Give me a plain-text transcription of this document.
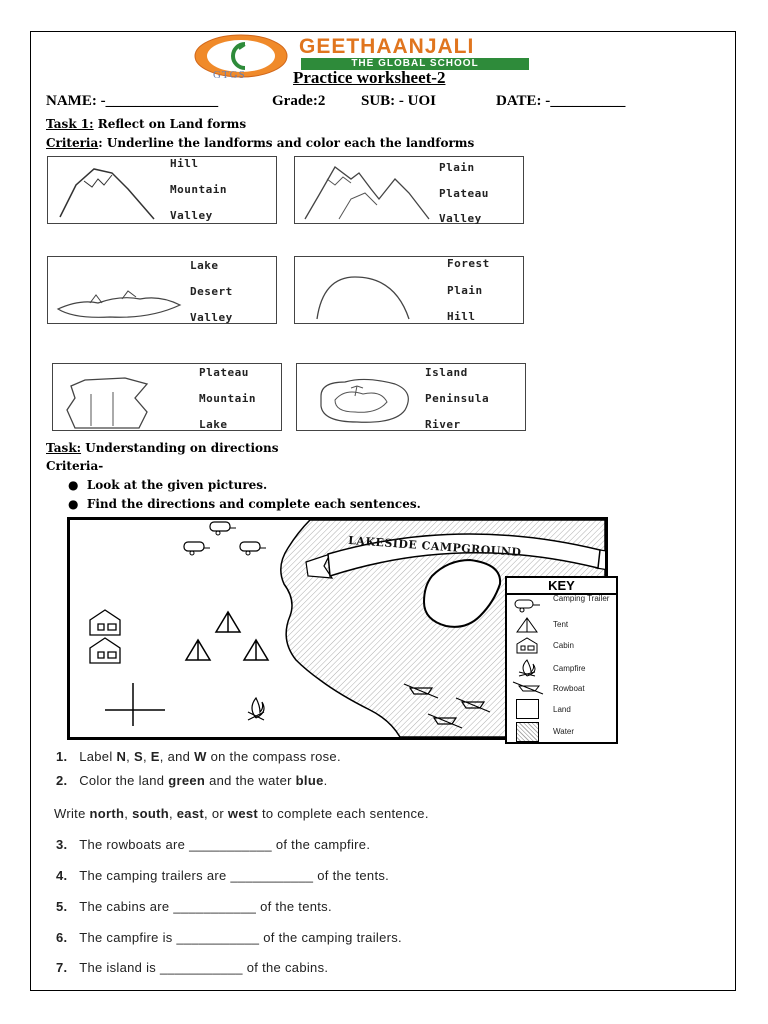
GEETHAANJALI
THE GLOBAL SCHOOL
GTGS	Practice worksheet-2
NAME: -_______________	Grade:2 SUB: - UOI	DATE: -__________
Task 1: Reflect on Land forms
Criteria: Underline the landforms and color each the landforms
Hill
Mountain
Valley
Plain
Plateau
Valley
Lake
Desert
Valley
Forest
Plain
Hill
Plateau
Mountain
Lake
Island
Peninsula
River
Task: Understanding on directions
Criteria-
● Look at the given pictures.
● Find the directions and complete each sentences.
LAKESIDE CAMPGROUND
KEY
Camping Trailer
Tent
Cabin
Campfire
Rowboat
Land
Water
1. Label N, S, E, and W on the compass rose.
2. Color the land green and the water blue.
Write north, south, east, or west to complete each sentence.
3. The rowboats are ___________ of the campfire.
4. The camping trailers are ___________ of the tents.
5. The cabins are ___________ of the tents.
6. The campfire is ___________ of the camping trailers.
7. The island is ___________ of the cabins.
